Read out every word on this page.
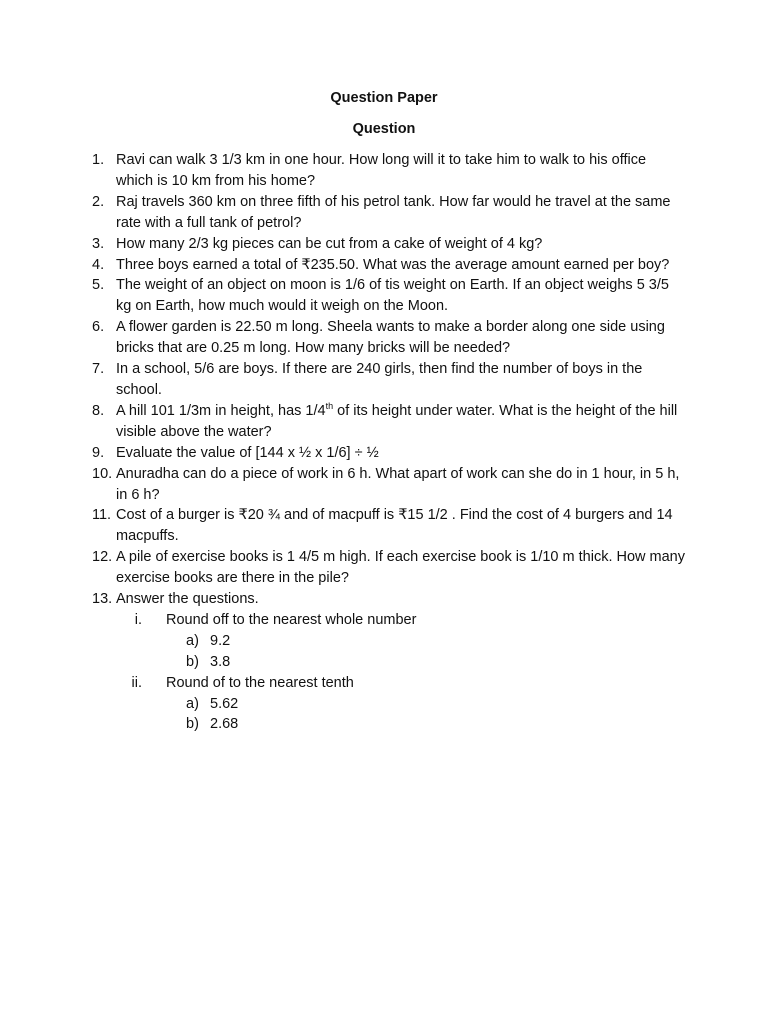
Question Paper
Question
1. Ravi can walk 3 1/3 km in one hour. How long will it to take him to walk to his office which is 10 km from his home?
2. Raj travels 360 km on three fifth of his petrol tank. How far would he travel at the same rate with a full tank of petrol?
3. How many 2/3 kg pieces can be cut from a cake of weight of 4 kg?
4. Three boys earned a total of ₹235.50. What was the average amount earned per boy?
5. The weight of an object on moon is 1/6 of tis weight on Earth. If an object weighs 5 3/5 kg on Earth, how much would it weigh on the Moon.
6. A flower garden is 22.50 m long. Sheela wants to make a border along one side using bricks that are 0.25 m long. How many bricks will be needed?
7. In a school, 5/6 are boys. If there are 240 girls, then find the number of boys in the school.
8. A hill 101 1/3m in height, has 1/4th of its height under water. What is the height of the hill visible above the water?
9. Evaluate the value of [144 x ½ x 1/6] ÷ ½
10. Anuradha can do a piece of work in 6 h. What apart of work can she do in 1 hour, in 5 h, in 6 h?
11. Cost of a burger is ₹20 ¾ and of macpuff is ₹15 1/2 . Find the cost of 4 burgers and 14 macpuffs.
12. A pile of exercise books is 1 4/5 m high. If each exercise book is 1/10 m thick. How many exercise books are there in the pile?
13. Answer the questions.
i. Round off to the nearest whole number
a) 9.2
b) 3.8
ii. Round of to the nearest tenth
a) 5.62
b) 2.68
